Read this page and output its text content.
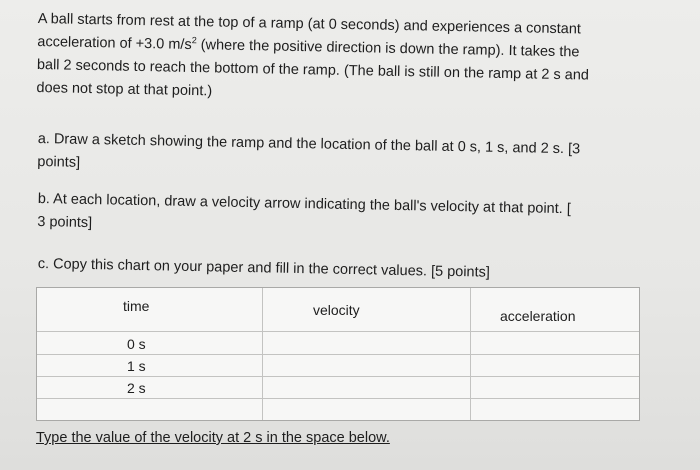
A ball starts from rest at the top of a ramp (at 0 seconds) and experiences a constant

acceleration of +3.0 $m/s^2$ (where the positive direction is down the ramp). It takes the

ball 2 seconds to reach the bottom of the ramp. (The ball is still on the ramp at 2 s and

does not stop at that point.)

a. Draw a sketch showing the ramp and the location of the ball at 0 s, 1 s, and 2 s. [3

points]

b. At each location, draw a velocity arrow indicating the ball's velocity at that point. [

3 points]

c. Copy this chart on your paper and fill in the correct values. [5 points]

time	velocity	acceleration
0 s
1 s
2 s
Type the value of the velocity at 2 s in the space below.
